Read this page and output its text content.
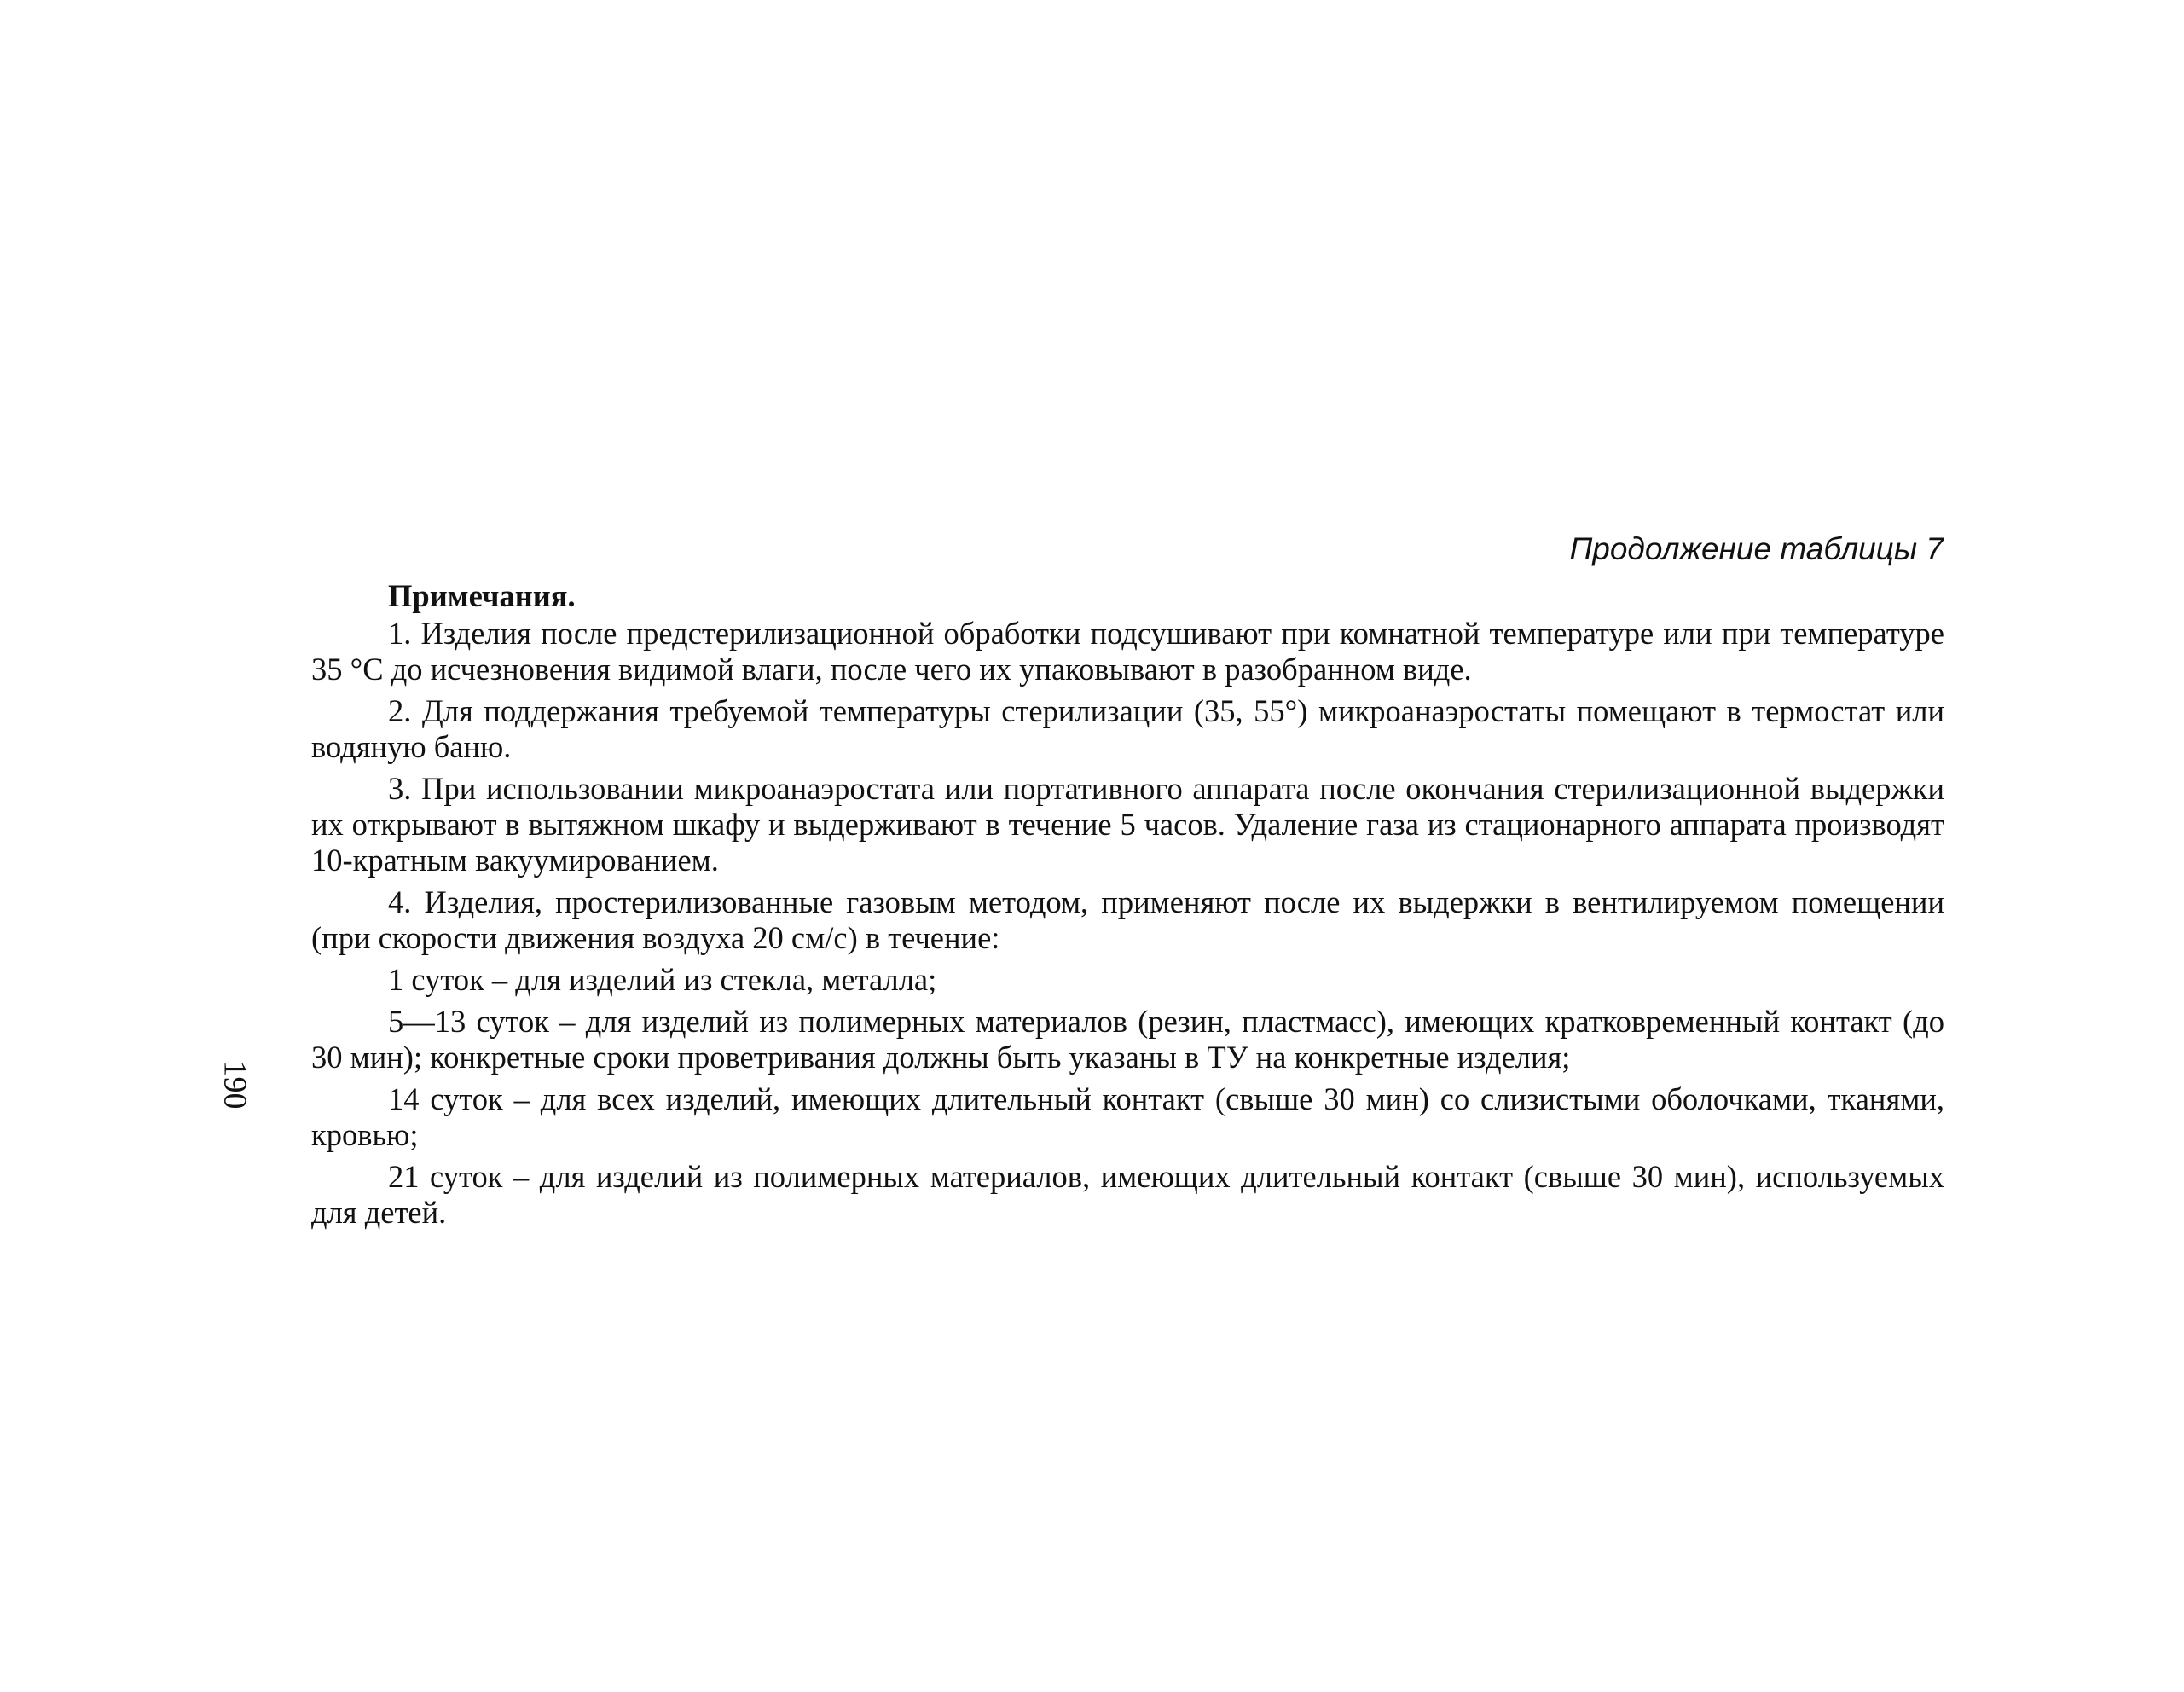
Продолжение таблицы 7
Примечания.

1. Изделия после предстерилизационной обработки подсушивают при комнатной температуре или при температуре 35 °С до исчезновения видимой влаги, после чего их упаковывают в разобранном виде.

2. Для поддержания требуемой температуры стерилизации (35, 55°) микроанаэростаты помещают в термостат или водяную баню.

3. При использовании микроанаэростата или портативного аппарата после окончания стерилизационной выдержки их открывают в вытяжном шкафу и выдерживают в течение 5 часов. Удаление газа из стационарного аппарата производят 10-кратным вакуумированием.

4. Изделия, простерилизованные газовым методом, применяют после их выдержки в вентилируемом помещении (при скорости движения воздуха 20 см/с) в течение:

1 суток – для изделий из стекла, металла;

5—13 суток – для изделий из полимерных материалов (резин, пластмасс), имеющих кратковременный контакт (до 30 мин); конкретные сроки проветривания должны быть указаны в ТУ на конкретные изделия;

14 суток – для всех изделий, имеющих длительный контакт (свыше 30 мин) со слизистыми оболочками, тканями, кровью;

21 суток – для изделий из полимерных материалов, имеющих длительный контакт (свыше 30 мин), используемых для детей.

190
